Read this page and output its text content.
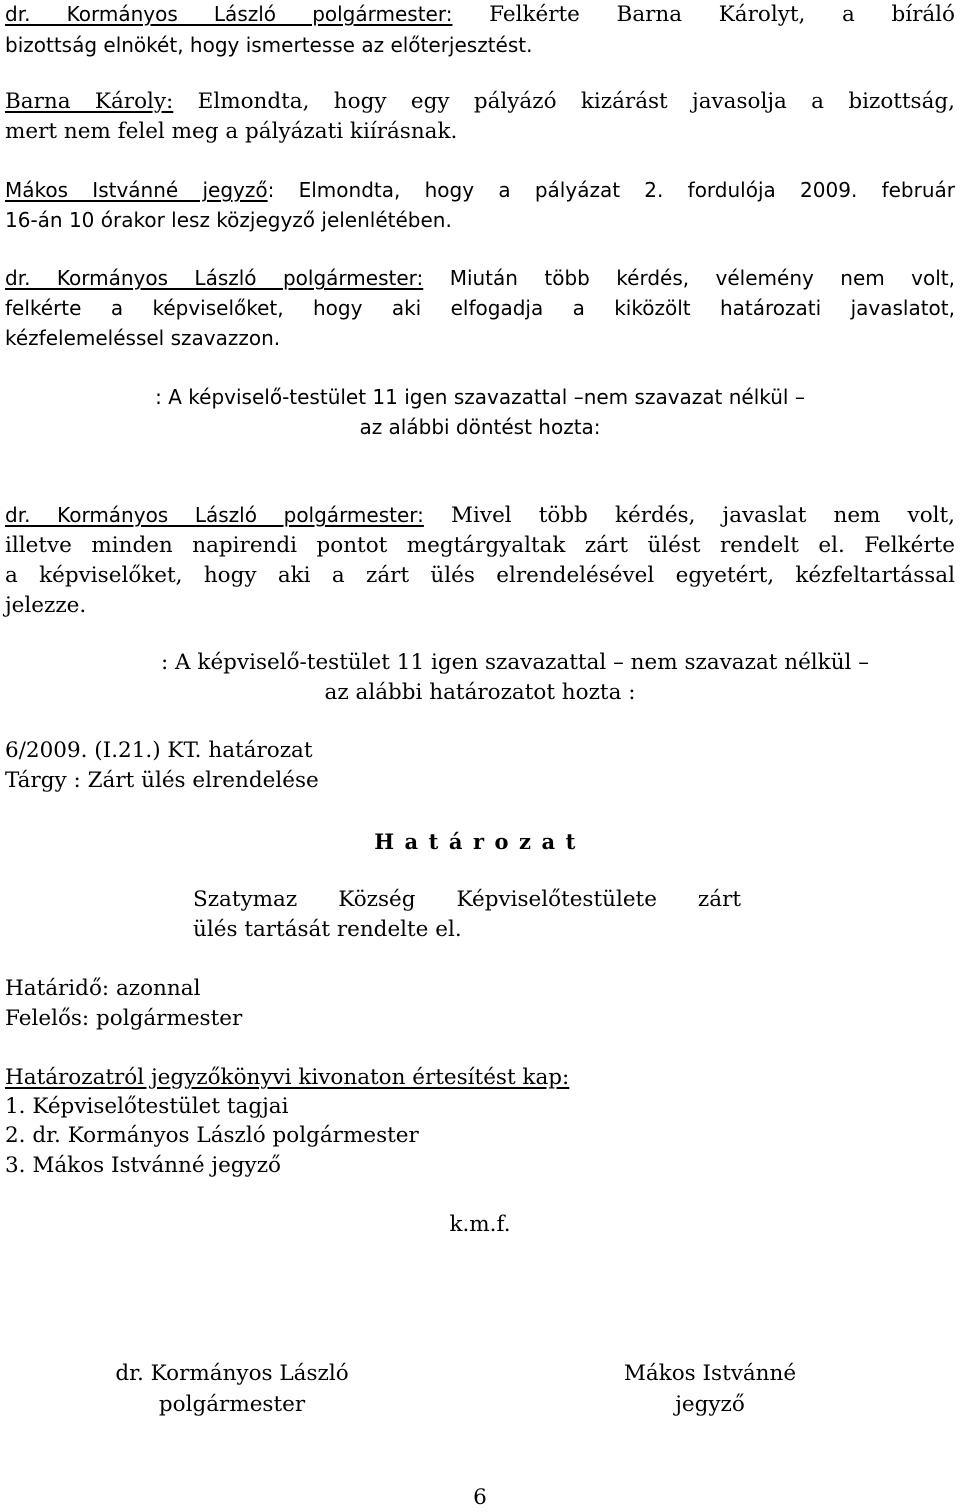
dr. Kormányos László polgármester: Felkérte Barna Károlyt, a bíráló
bizottság elnökét, hogy ismertesse az előterjesztést.
Barna Károly: Elmondta, hogy egy pályázó kizárást javasolja a bizottság,
mert nem felel meg a pályázati kiírásnak.
Mákos Istvánné jegyző: Elmondta, hogy a pályázat 2. fordulója 2009. február
16-án 10 órakor lesz közjegyző jelenlétében.
dr. Kormányos László polgármester: Miután több kérdés, vélemény nem volt,
felkérte a képviselőket, hogy aki elfogadja a kiközölt határozati javaslatot,
kézfelemeléssel szavazzon.
: A képviselő-testület 11 igen szavazattal –nem szavazat nélkül –
az alábbi döntést hozta:
dr. Kormányos László polgármester: Mivel több kérdés, javaslat nem volt,
illetve minden napirendi pontot megtárgyaltak zárt ülést rendelt el. Felkérte
a képviselőket, hogy aki a zárt ülés elrendelésével egyetért, kézfeltartással
jelezze.
: A képviselő-testület 11 igen szavazattal – nem szavazat nélkül –
az alábbi határozatot hozta :
6/2009. (I.21.) KT. határozat
Tárgy : Zárt ülés elrendelése
Határozat
Szatymaz Község Képviselőtestülete zárt
ülés tartását rendelte el.
Határidő: azonnal
Felelős: polgármester
Határozatról jegyzőkönyvi kivonaton értesítést kap:
1. Képviselőtestület tagjai
2. dr. Kormányos László polgármester
3. Mákos Istvánné jegyző
k.m.f.
dr. Kormányos László
polgármester
Mákos Istvánné
jegyző
6
